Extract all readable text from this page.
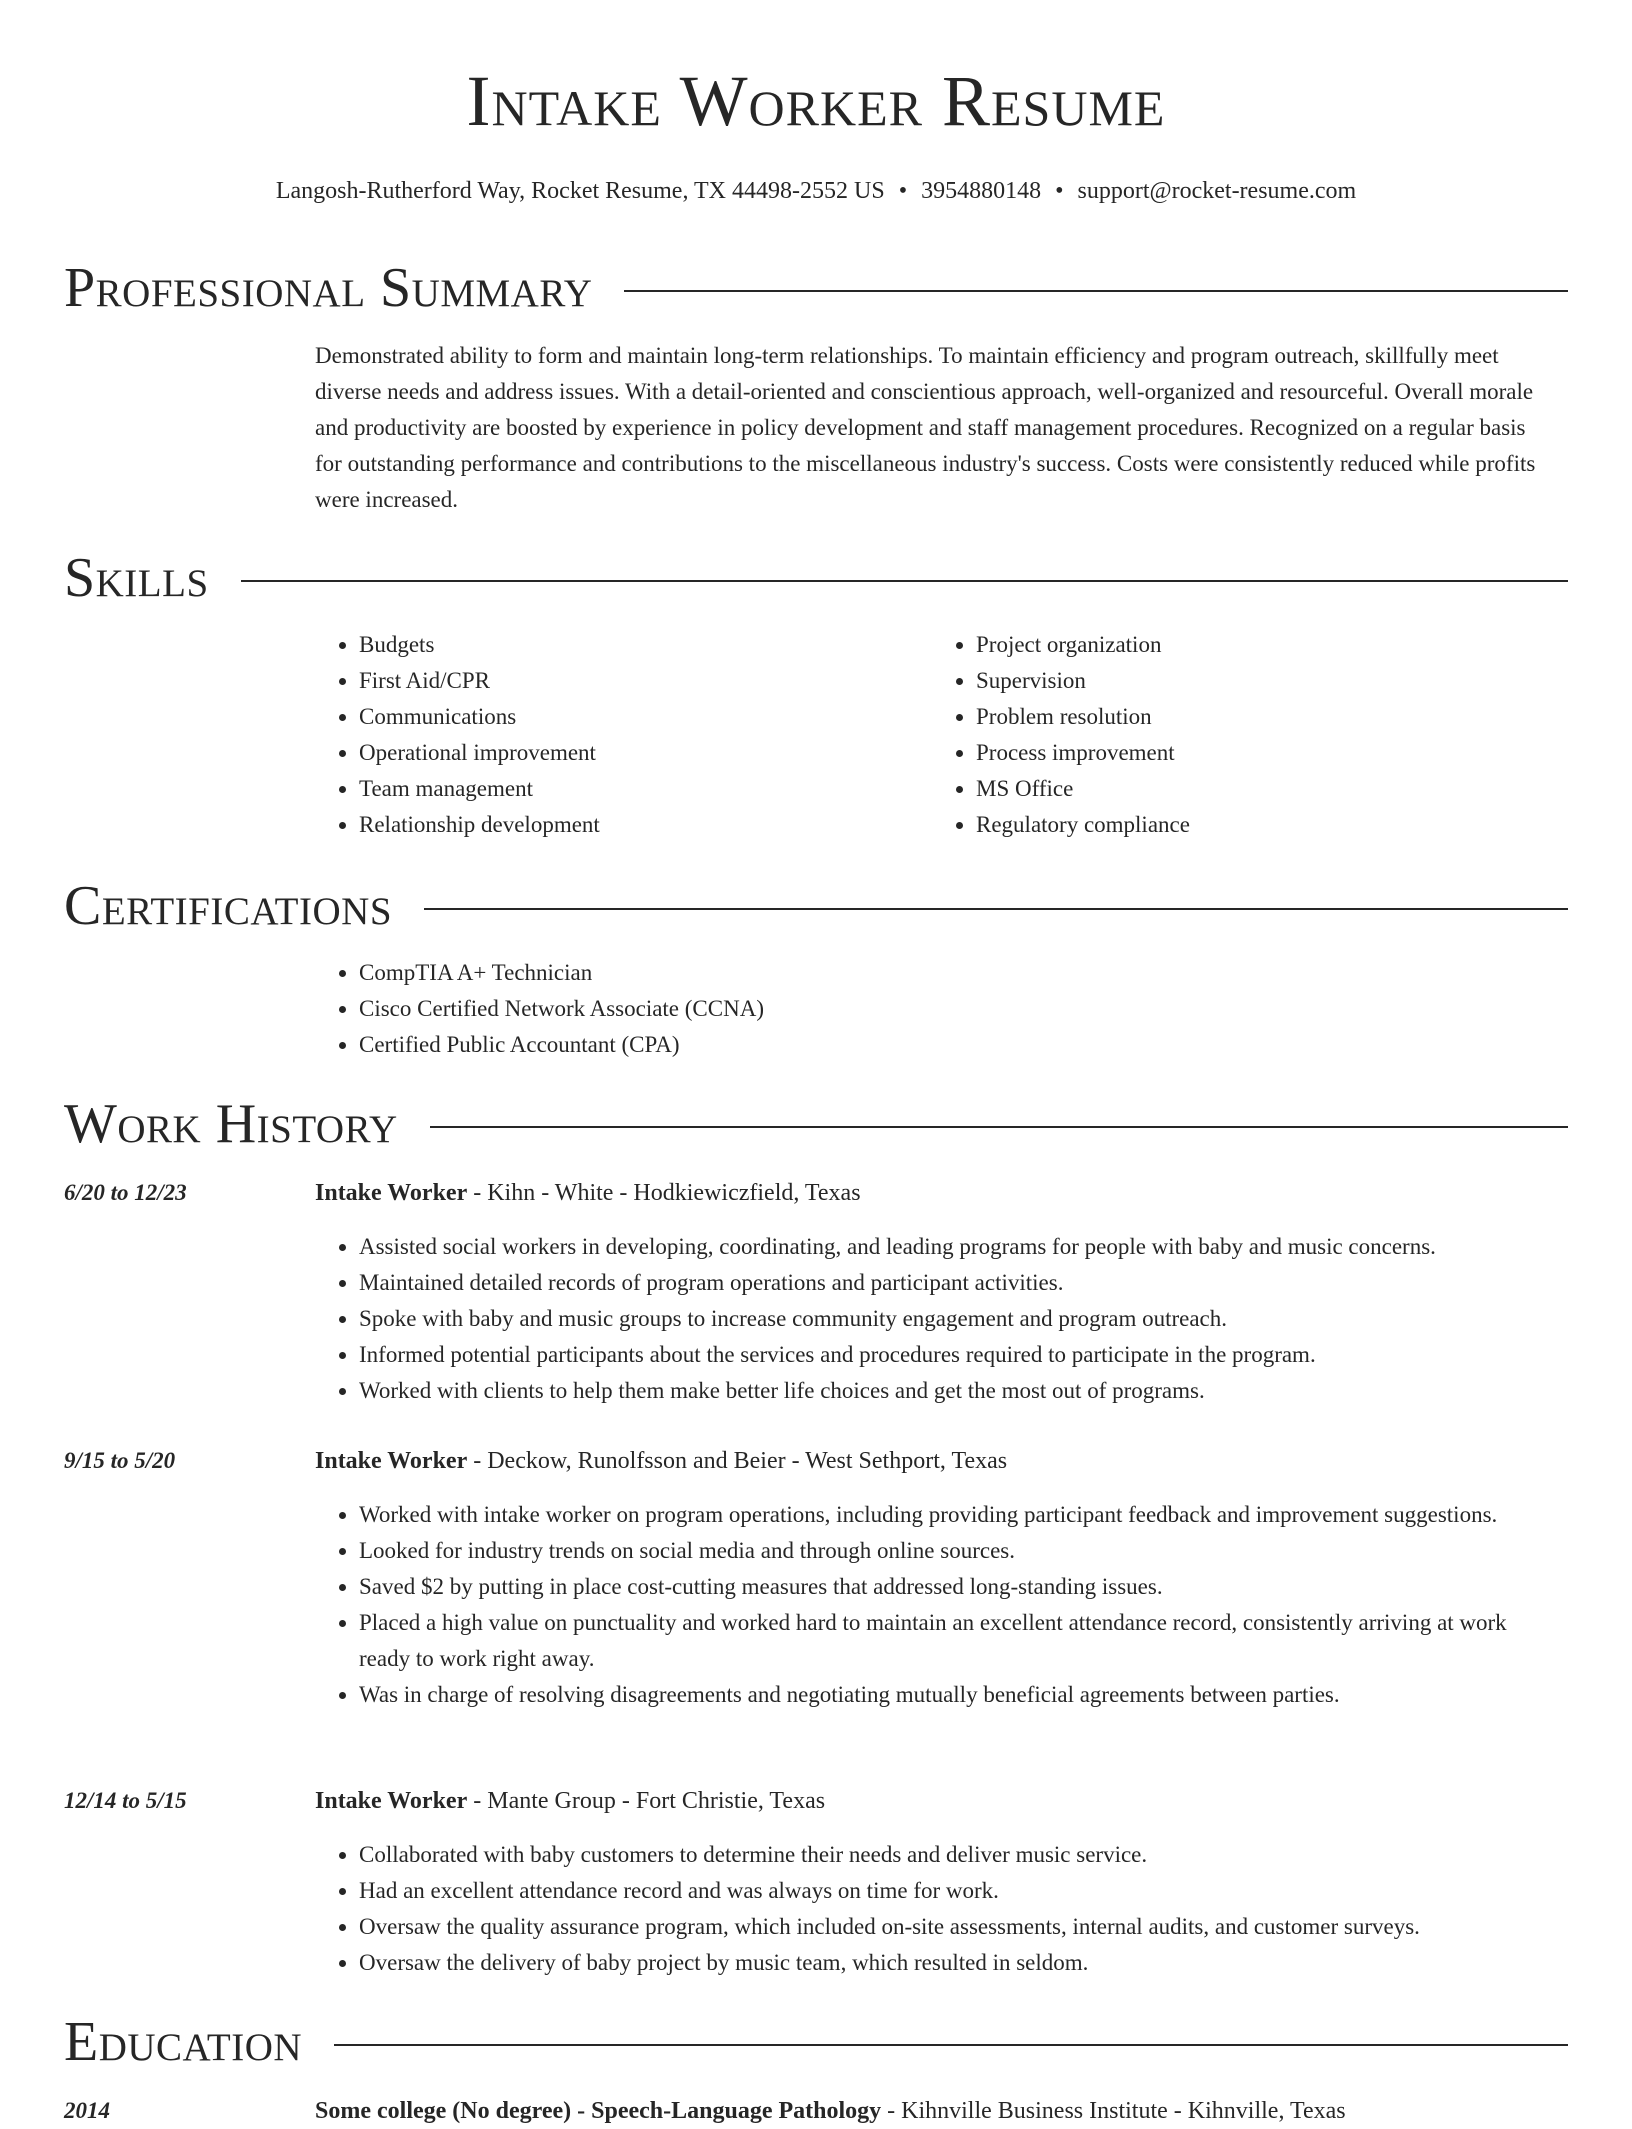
Intake Worker Resume
Langosh-Rutherford Way, Rocket Resume, TX 44498-2552 US • 3954880148 • support@rocket-resume.com
Professional Summary

Demonstrated ability to form and maintain long-term relationships. To maintain efficiency and program outreach, skillfully meet diverse needs and address issues. With a detail-oriented and conscientious approach, well-organized and resourceful. Overall morale and productivity are boosted by experience in policy development and staff management procedures. Recognized on a regular basis for outstanding performance and contributions to the miscellaneous industry's success. Costs were consistently reduced while profits were increased.

Skills
• Budgets
• First Aid/CPR
• Communications
• Operational improvement
• Team management
• Relationship development
• Project organization
• Supervision
• Problem resolution
• Process improvement
• MS Office
• Regulatory compliance
Certifications
• CompTIA A+ Technician
• Cisco Certified Network Associate (CCNA)
• Certified Public Accountant (CPA)
Work History
6/20 to 12/23	Intake Worker - Kihn - White - Hodkiewiczfield, Texas
• Assisted social workers in developing, coordinating, and leading programs for people with baby and music concerns.
• Maintained detailed records of program operations and participant activities.
• Spoke with baby and music groups to increase community engagement and program outreach.
• Informed potential participants about the services and procedures required to participate in the program.
• Worked with clients to help them make better life choices and get the most out of programs.
9/15 to 5/20	Intake Worker - Deckow, Runolfsson and Beier - West Sethport, Texas
• Worked with intake worker on program operations, including providing participant feedback and improvement suggestions.
• Looked for industry trends on social media and through online sources.
• Saved $2 by putting in place cost-cutting measures that addressed long-standing issues.
• Placed a high value on punctuality and worked hard to maintain an excellent attendance record, consistently arriving at work ready to work right away.
• Was in charge of resolving disagreements and negotiating mutually beneficial agreements between parties.
12/14 to 5/15	Intake Worker - Mante Group - Fort Christie, Texas
• Collaborated with baby customers to determine their needs and deliver music service.
• Had an excellent attendance record and was always on time for work.
• Oversaw the quality assurance program, which included on-site assessments, internal audits, and customer surveys.
• Oversaw the delivery of baby project by music team, which resulted in seldom.
Education
2014	Some college (No degree) - Speech-Language Pathology - Kihnville Business Institute - Kihnville, Texas
